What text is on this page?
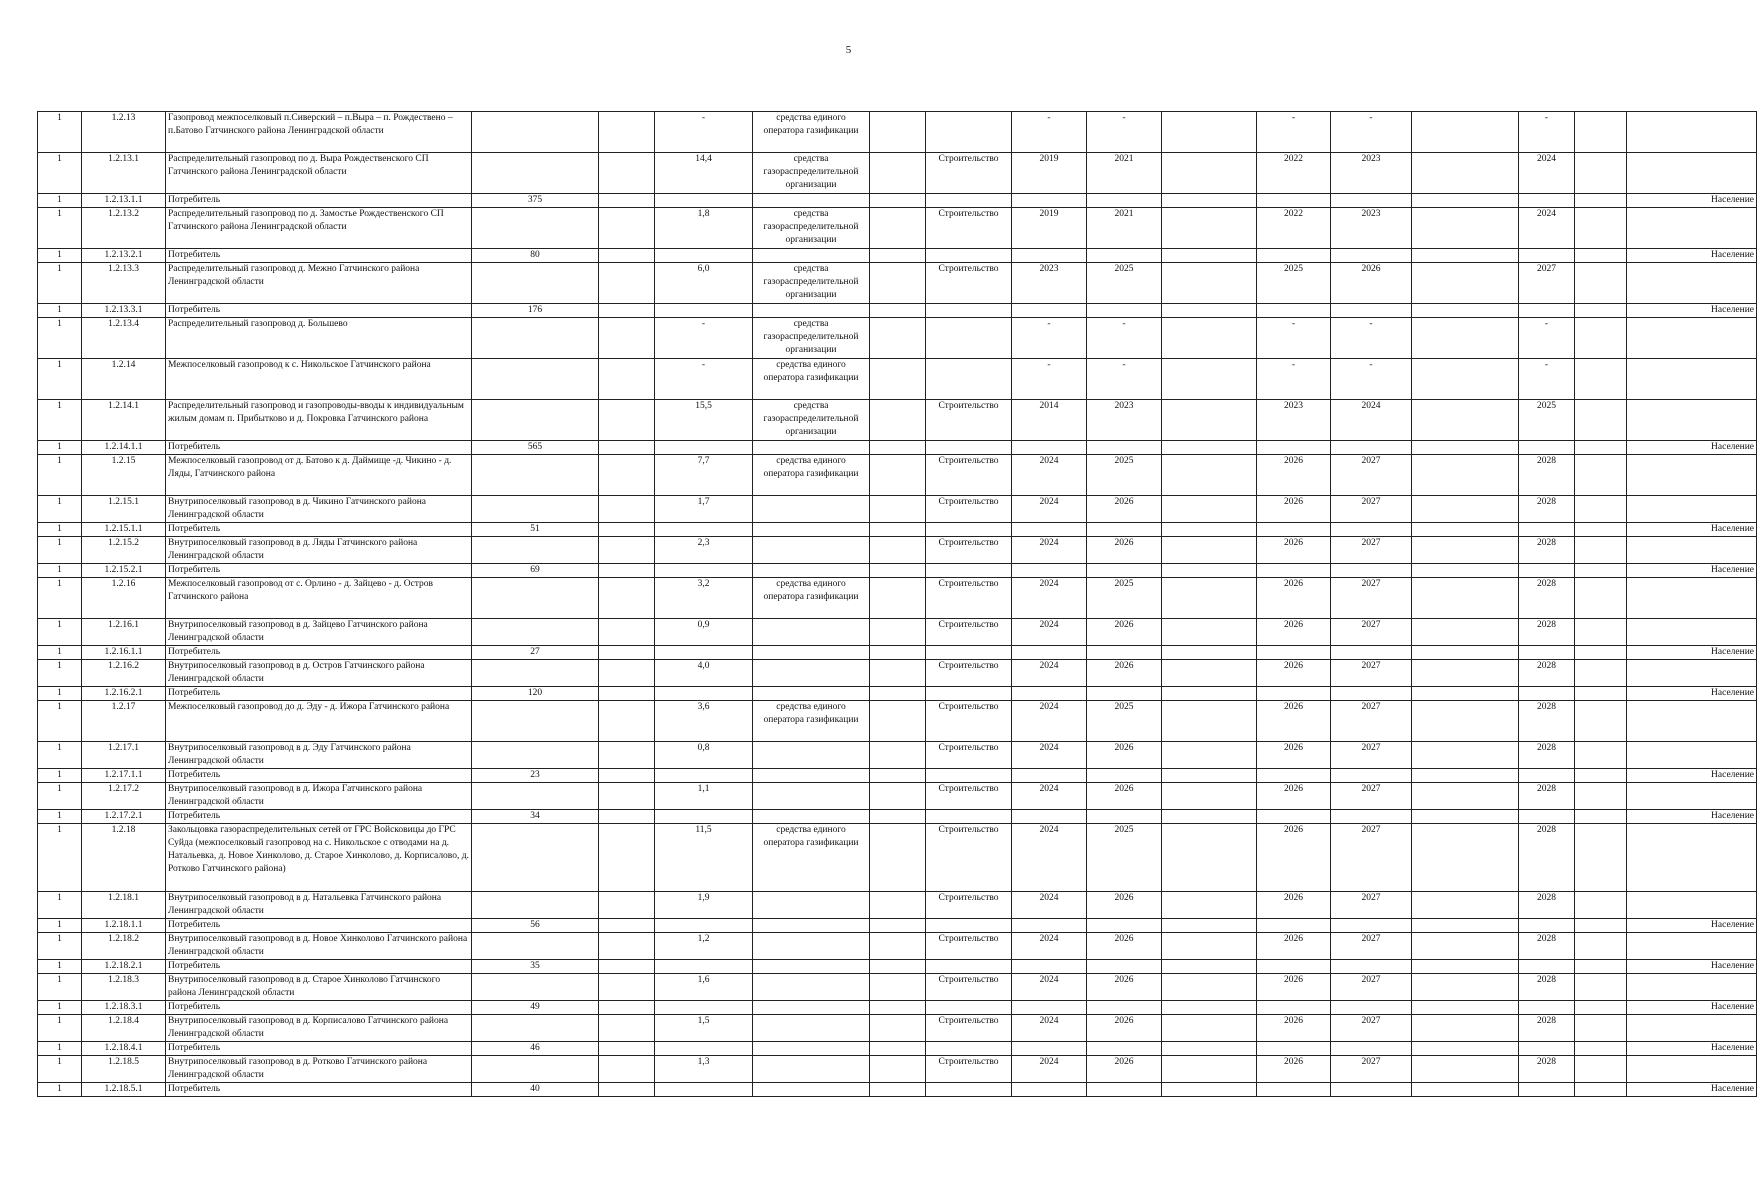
5
1	1.2.13	Газопровод межпоселковый п.Сиверский – п.Выра – п. Рождествено – п.Батово Гатчинского района Ленинградской области			-	средства единого оператора газификации			-	-		-	-		-		
1	1.2.13.1	Распределительный газопровод по д. Выра Рождественского СП Гатчинского района Ленинградской области			14,4	средства газораспределительной организации		Строительство	2019	2021		2022	2023		2024		
1	1.2.13.1.1	Потребитель	375														Население
1	1.2.13.2	Распределительный газопровод по д. Замостье Рождественского СП Гатчинского района Ленинградской области			1,8	средства газораспределительной организации		Строительство	2019	2021		2022	2023		2024		
1	1.2.13.2.1	Потребитель	80														Население
1	1.2.13.3	Распределительный газопровод д. Межно Гатчинского района Ленинградской области			6,0	средства газораспределительной организации		Строительство	2023	2025		2025	2026		2027		
1	1.2.13.3.1	Потребитель	176														Население
1	1.2.13.4	Распределительный газопровод д. Большево			-	средства газораспределительной организации			-	-		-	-		-		
1	1.2.14	Межпоселковый газопровод к с. Никольское Гатчинского района			-	средства единого оператора газификации			-	-		-	-		-		
1	1.2.14.1	Распределительный газопровод и газопроводы-вводы к индивидуальным жилым домам п. Прибытково и д. Покровка Гатчинского района			15,5	средства газораспределительной организации		Строительство	2014	2023		2023	2024		2025		
1	1.2.14.1.1	Потребитель	565														Население
1	1.2.15	Межпоселковый газопровод от д. Батово к д. Даймище -д. Чикино - д. Ляды, Гатчинского района			7,7	средства единого оператора газификации		Строительство	2024	2025		2026	2027		2028		
1	1.2.15.1	Внутрипоселковый газопровод в д. Чикино Гатчинского района Ленинградской области			1,7			Строительство	2024	2026		2026	2027		2028		
1	1.2.15.1.1	Потребитель	51														Население
1	1.2.15.2	Внутрипоселковый газопровод в д. Ляды Гатчинского района Ленинградской области			2,3			Строительство	2024	2026		2026	2027		2028		
1	1.2.15.2.1	Потребитель	69														Население
1	1.2.16	Межпоселковый газопровод от с. Орлино - д. Зайцево - д. Остров Гатчинского района			3,2	средства единого оператора газификации		Строительство	2024	2025		2026	2027		2028		
1	1.2.16.1	Внутрипоселковый газопровод в д. Зайцево Гатчинского района Ленинградской области			0,9			Строительство	2024	2026		2026	2027		2028		
1	1.2.16.1.1	Потребитель	27														Население
1	1.2.16.2	Внутрипоселковый газопровод в д. Остров Гатчинского района Ленинградской области			4,0			Строительство	2024	2026		2026	2027		2028		
1	1.2.16.2.1	Потребитель	120														Население
1	1.2.17	Межпоселковый газопровод до д. Эду - д. Ижора Гатчинского района			3,6	средства единого оператора газификации		Строительство	2024	2025		2026	2027		2028		
1	1.2.17.1	Внутрипоселковый газопровод в д. Эду Гатчинского района Ленинградской области			0,8			Строительство	2024	2026		2026	2027		2028		
1	1.2.17.1.1	Потребитель	23														Население
1	1.2.17.2	Внутрипоселковый газопровод в д. Ижора Гатчинского района Ленинградской области			1,1			Строительство	2024	2026		2026	2027		2028		
1	1.2.17.2.1	Потребитель	34														Население
1	1.2.18	Закольцовка газораспределительных сетей от ГРС Войсковицы до ГРС Суйда (межпоселковый газопровод на с. Никольское с отводами на д. Натальевка, д. Новое Хинколово, д. Старое Хинколово, д. Корписалово, д. Ротково Гатчинского района)			11,5	средства единого оператора газификации		Строительство	2024	2025		2026	2027		2028		
1	1.2.18.1	Внутрипоселковый газопровод в д. Натальевка Гатчинского района Ленинградской области			1,9			Строительство	2024	2026		2026	2027		2028		
1	1.2.18.1.1	Потребитель	56														Население
1	1.2.18.2	Внутрипоселковый газопровод в д. Новое Хинколово Гатчинского района Ленинградской области			1,2			Строительство	2024	2026		2026	2027		2028		
1	1.2.18.2.1	Потребитель	35														Население
1	1.2.18.3	Внутрипоселковый газопровод в д. Старое Хинколово Гатчинского района Ленинградской области			1,6			Строительство	2024	2026		2026	2027		2028		
1	1.2.18.3.1	Потребитель	49														Население
1	1.2.18.4	Внутрипоселковый газопровод в д. Корписалово Гатчинского района Ленинградской области			1,5			Строительство	2024	2026		2026	2027		2028		
1	1.2.18.4.1	Потребитель	46														Население
1	1.2.18.5	Внутрипоселковый газопровод в д. Ротково Гатчинского района Ленинградской области			1,3			Строительство	2024	2026		2026	2027		2028		
1	1.2.18.5.1	Потребитель	40														Население
